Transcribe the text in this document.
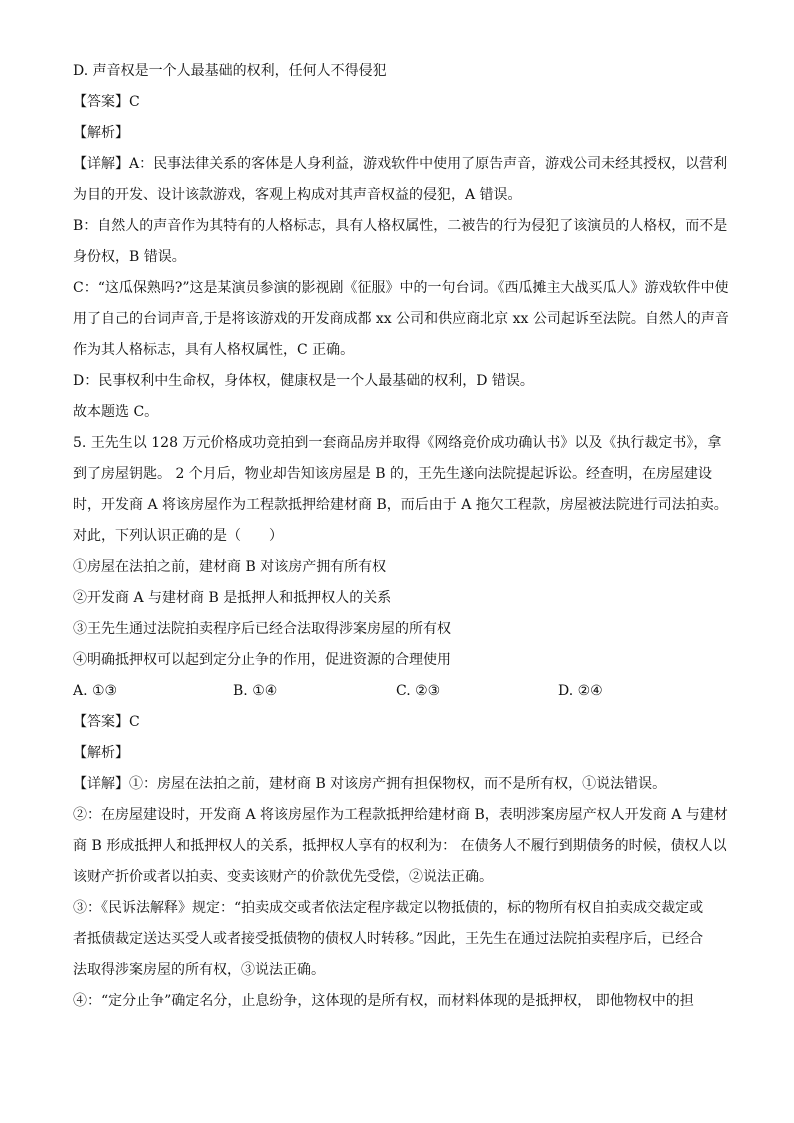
D. 声音权是一个人最基础的权利，任何人不得侵犯
【答案】C
【解析】
【详解】A：民事法律关系的客体是人身利益，游戏软件中使用了原告声音，游戏公司未经其授权，以营利
为目的开发、设计该款游戏，客观上构成对其声音权益的侵犯，A 错误。
B：自然人的声音作为其特有的人格标志，具有人格权属性，二被告的行为侵犯了该演员的人格权，而不是
身份权，B 错误。
C：“这瓜保熟吗?”这是某演员参演的影视剧《征服》中的一句台词。《西瓜摊主大战买瓜人》游戏软件中使
用了自己的台词声音,于是将该游戏的开发商成都 xx 公司和供应商北京 xx 公司起诉至法院。自然人的声音
作为其人格标志，具有人格权属性，C 正确。
D：民事权利中生命权，身体权，健康权是一个人最基础的权利，D 错误。
故本题选 C。
5. 王先生以 128 万元价格成功竞拍到一套商品房并取得《网络竞价成功确认书》以及《执行裁定书》，拿
到了房屋钥匙。 2 个月后，物业却告知该房屋是 B 的，王先生遂向法院提起诉讼。经查明，在房屋建设
时，开发商 A 将该房屋作为工程款抵押给建材商 B，而后由于 A 拖欠工程款，房屋被法院进行司法拍卖。
对此，下列认识正确的是（　　）
①房屋在法拍之前，建材商 B 对该房产拥有所有权
②开发商 A 与建材商 B 是抵押人和抵押权人的关系
③王先生通过法院拍卖程序后已经合法取得涉案房屋的所有权
④明确抵押权可以起到定分止争的作用，促进资源的合理使用
A. ①③	B. ①④	C. ②③	D. ②④
【答案】C
【解析】
【详解】①：房屋在法拍之前，建材商 B 对该房产拥有担保物权，而不是所有权，①说法错误。
②：在房屋建设时，开发商 A 将该房屋作为工程款抵押给建材商 B，表明涉案房屋产权人开发商 A 与建材
商 B 形成抵押人和抵押权人的关系，抵押权人享有的权利为： 在债务人不履行到期债务的时候，债权人以
该财产折价或者以拍卖、变卖该财产的价款优先受偿，②说法正确。
③：《民诉法解释》规定：“拍卖成交或者依法定程序裁定以物抵债的，标的物所有权自拍卖成交裁定或
者抵债裁定送达买受人或者接受抵债物的债权人时转移。”因此，王先生在通过法院拍卖程序后，已经合
法取得涉案房屋的所有权，③说法正确。
④：“定分止争”确定名分，止息纷争，这体现的是所有权，而材料体现的是抵押权， 即他物权中的担
